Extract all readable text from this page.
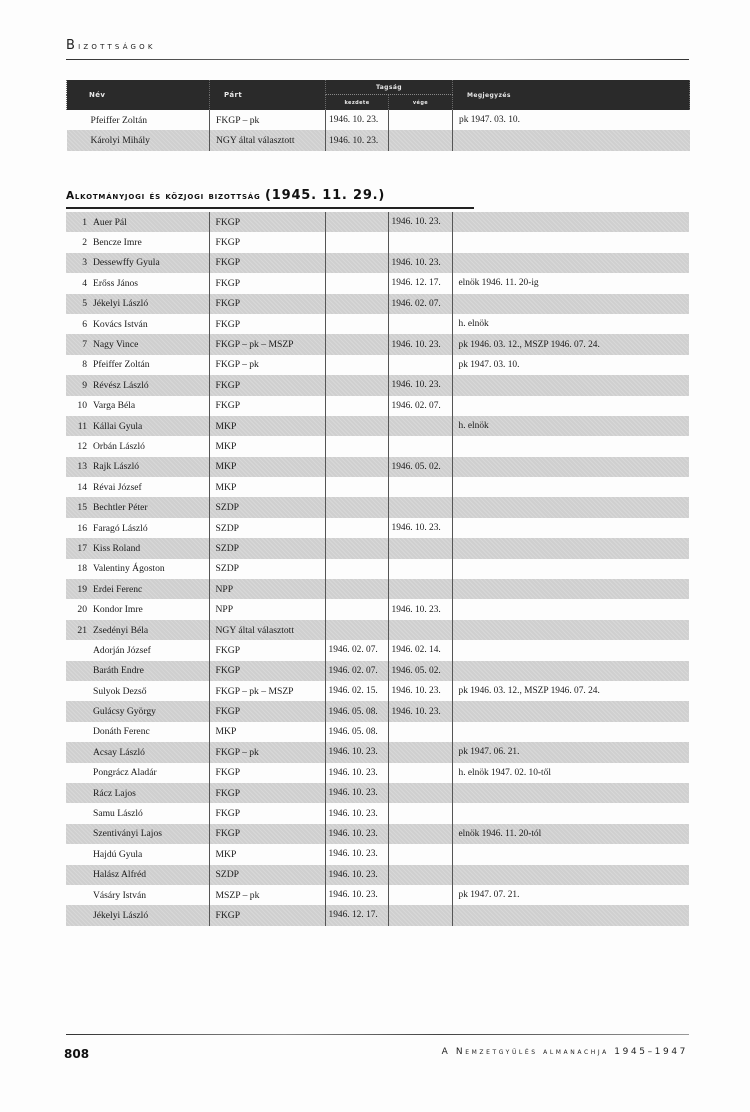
Bizottságok
Név	Párt	Tagság		Megjegyzés
		kezdete	vége	
Pfeiffer Zoltán	FKGP – pk	1946. 10. 23.		pk 1947. 03. 10.
Károlyi Mihály	NGY által választott	1946. 10. 23.		
Alkotmányjogi és közjogi bizottság (1945. 11. 29.)
1 Auer Pál	FKGP		1946. 10. 23.	
2 Bencze Imre	FKGP			
3 Dessewffy Gyula	FKGP		1946. 10. 23.	
4 Erőss János	FKGP		1946. 12. 17.	elnök 1946. 11. 20-ig
5 Jékelyi László	FKGP		1946. 02. 07.	
6 Kovács István	FKGP			h. elnök
7 Nagy Vince	FKGP – pk – MSZP		1946. 10. 23.	pk 1946. 03. 12., MSZP 1946. 07. 24.
8 Pfeiffer Zoltán	FKGP – pk			pk 1947. 03. 10.
9 Révész László	FKGP		1946. 10. 23.	
10 Varga Béla	FKGP		1946. 02. 07.	
11 Kállai Gyula	MKP			h. elnök
12 Orbán László	MKP			
13 Rajk László	MKP		1946. 05. 02.	
14 Révai József	MKP			
15 Bechtler Péter	SZDP			
16 Faragó László	SZDP		1946. 10. 23.	
17 Kiss Roland	SZDP			
18 Valentiny Ágoston	SZDP			
19 Erdei Ferenc	NPP			
20 Kondor Imre	NPP		1946. 10. 23.	
21 Zsedényi Béla	NGY által választott			
Adorján József	FKGP	1946. 02. 07.	1946. 02. 14.	
Baráth Endre	FKGP	1946. 02. 07.	1946. 05. 02.	
Sulyok Dezső	FKGP – pk – MSZP	1946. 02. 15.	1946. 10. 23.	pk 1946. 03. 12., MSZP 1946. 07. 24.
Gulácsy György	FKGP	1946. 05. 08.	1946. 10. 23.	
Donáth Ferenc	MKP	1946. 05. 08.		
Acsay László	FKGP – pk	1946. 10. 23.		pk 1947. 06. 21.
Pongrácz Aladár	FKGP	1946. 10. 23.		h. elnök 1947. 02. 10-től
Rácz Lajos	FKGP	1946. 10. 23.		
Samu László	FKGP	1946. 10. 23.		
Szentiványi Lajos	FKGP	1946. 10. 23.		elnök 1946. 11. 20-tól
Hajdú Gyula	MKP	1946. 10. 23.		
Halász Alfréd	SZDP	1946. 10. 23.		
Vásáry István	MSZP – pk	1946. 10. 23.		pk 1947. 07. 21.
Jékelyi László	FKGP	1946. 12. 17.		
808	A Nemzetgyűlés almanachja 1945–1947
